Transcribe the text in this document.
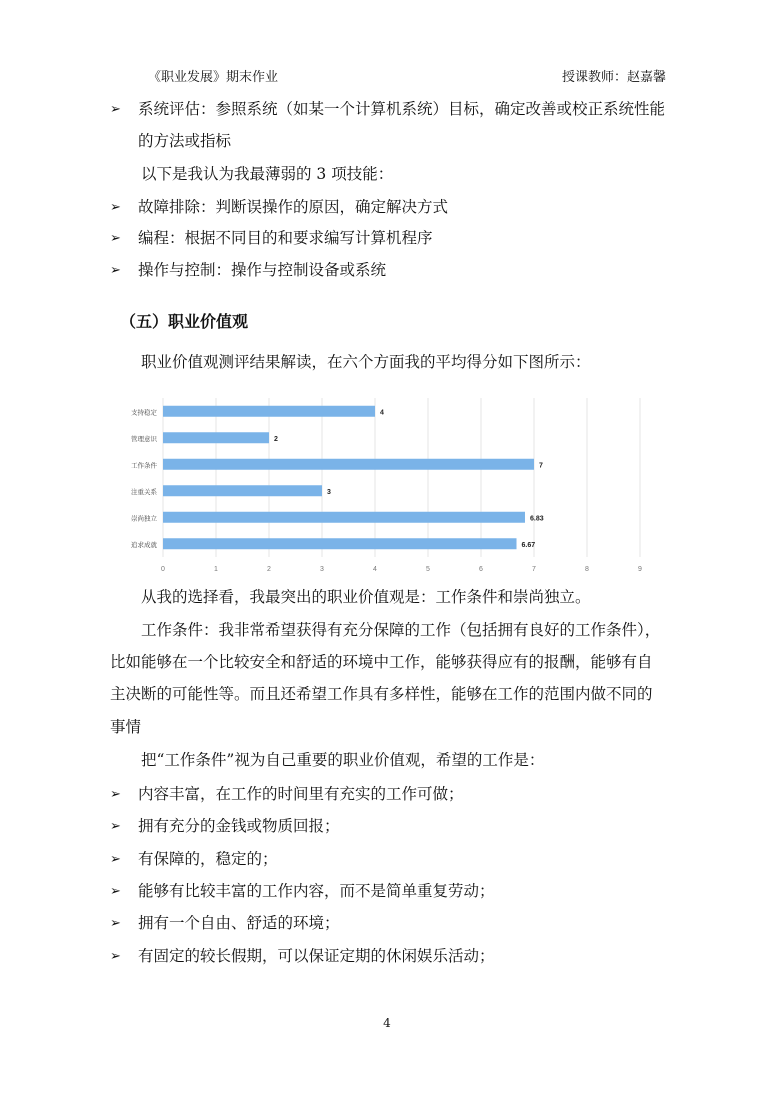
《职业发展》期末作业	授课教师：赵嘉馨
➢ 系统评估：参照系统（如某一个计算机系统）目标，确定改善或校正系统性能
的方法或指标
以下是我认为我最薄弱的 3 项技能：
➢ 故障排除：判断误操作的原因，确定解决方式
➢ 编程：根据不同目的和要求编写计算机程序
➢ 操作与控制：操作与控制设备或系统
（五）职业价值观
职业价值观测评结果解读，在六个方面我的平均得分如下图所示：
0	1	2	3	4	5	6	7	8	9
支持稳定	4
管理意识	2
工作条件	7
注重关系	3
崇尚独立	6.83
追求成就	6.67
从我的选择看，我最突出的职业价值观是：工作条件和崇尚独立。
工作条件：我非常希望获得有充分保障的工作（包括拥有良好的工作条件），
比如能够在一个比较安全和舒适的环境中工作，能够获得应有的报酬，能够有自
主决断的可能性等。而且还希望工作具有多样性，能够在工作的范围内做不同的
事情
把“工作条件”视为自己重要的职业价值观，希望的工作是：
➢ 内容丰富，在工作的时间里有充实的工作可做；
➢ 拥有充分的金钱或物质回报；
➢ 有保障的，稳定的；
➢ 能够有比较丰富的工作内容，而不是简单重复劳动；
➢ 拥有一个自由、舒适的环境；
➢ 有固定的较长假期，可以保证定期的休闲娱乐活动；
4
